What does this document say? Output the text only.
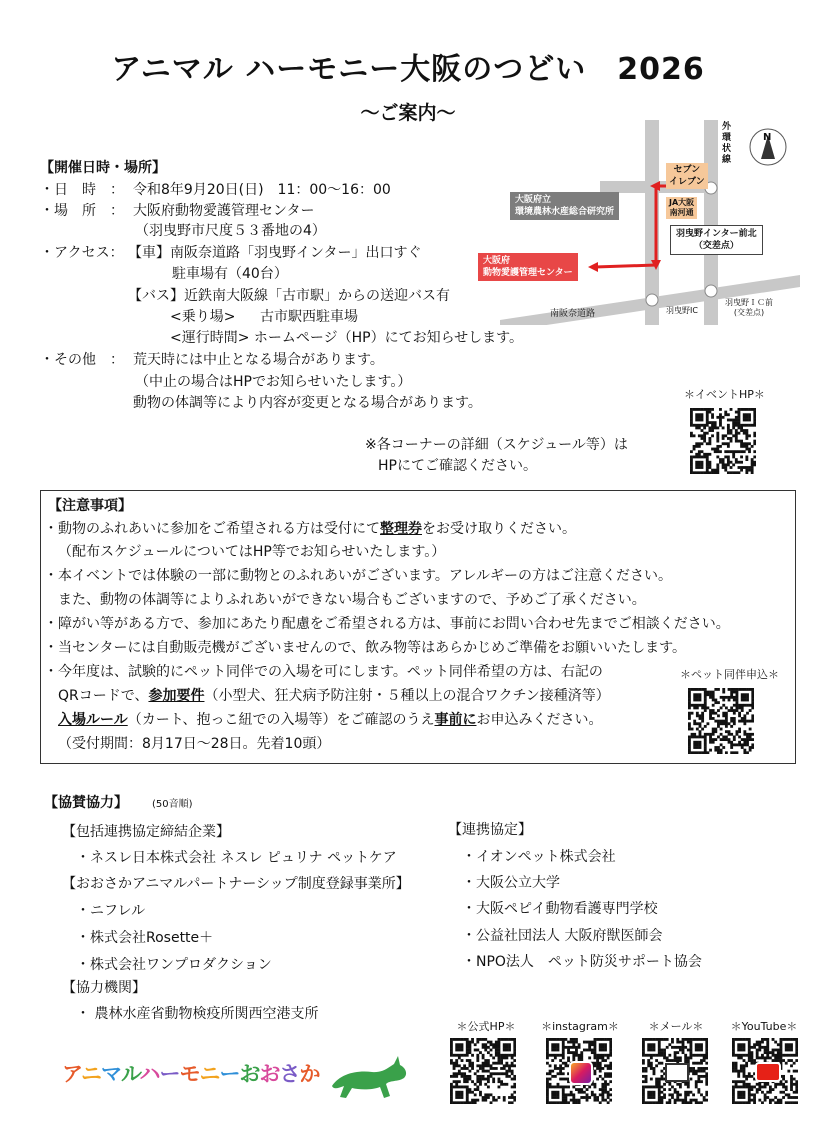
アニマル ハーモニー大阪のつどい　2026
～ご案内～
【開催日時・場所】
・日　時　： 令和8年9月20日(日)　11：00～16：00
・場　所　： 大阪府動物愛護管理センター
（羽曳野市尺度５３番地の4）
・アクセス： 【車】南阪奈道路「羽曳野インター」出口すぐ
駐車場有（40台）
【バス】近鉄南大阪線「古市駅」からの送迎バス有
<乗り場> 古市駅西駐車場
<運行時間> ホームページ（HP）にてお知らせします。
・その他　： 荒天時には中止となる場合があります。
（中止の場合はHPでお知らせいたします。）
動物の体調等により内容が変更となる場合があります。
※各コーナーの詳細（スケジュール等）は
HPにてご確認ください。
外
環
状
線
N
セブン
イレブン
JA大阪
南河通
大阪府立
環境農林水産総合研究所
大阪府
動物愛護管理センター
羽曳野インター前北
（交差点）
南阪奈道路	羽曳野IC
羽曳野ＩＣ前
(交差点)
＊イベントHP＊
【注意事項】
・動物のふれあいに参加をご希望される方は受付にて整理券をお受け取りください。
（配布スケジュールについてはHP等でお知らせいたします。）
・本イベントでは体験の一部に動物とのふれあいがございます。アレルギーの方はご注意ください。
また、動物の体調等によりふれあいができない場合もございますので、予めご了承ください。
・障がい等がある方で、参加にあたり配慮をご希望される方は、事前にお問い合わせ先までご相談ください。
・当センターには自動販売機がございませんので、飲み物等はあらかじめご準備をお願いいたします。
・今年度は、試験的にペット同伴での入場を可にします。ペット同伴希望の方は、右記の
QRコードで、参加要件（小型犬、狂犬病予防注射・５種以上の混合ワクチン接種済等）
入場ルール（カート、抱っこ紐での入場等）をご確認のうえ事前にお申込みください。
（受付期間：8月17日～28日。先着10頭）
＊ペット同伴申込＊
【協賛協力】 (50音順)
【包括連携協定締結企業】
・ネスレ日本株式会社 ネスレ ピュリナ ペットケア
【おおさかアニマルパートナーシップ制度登録事業所】
・ニフレル
・株式会社Rosette＋
・株式会社ワンプロダクション
【協力機関】
・ 農林水産省動物検疫所関西空港支所
【連携協定】
・イオンペット株式会社
・大阪公立大学
・大阪ペピイ動物看護専門学校
・公益社団法人 大阪府獣医師会
・NPO法人　ペット防災サポート協会
アニマルハーモニーおおさか
＊公式HP＊	＊instagram＊	＊メール＊	＊YouTube＊
